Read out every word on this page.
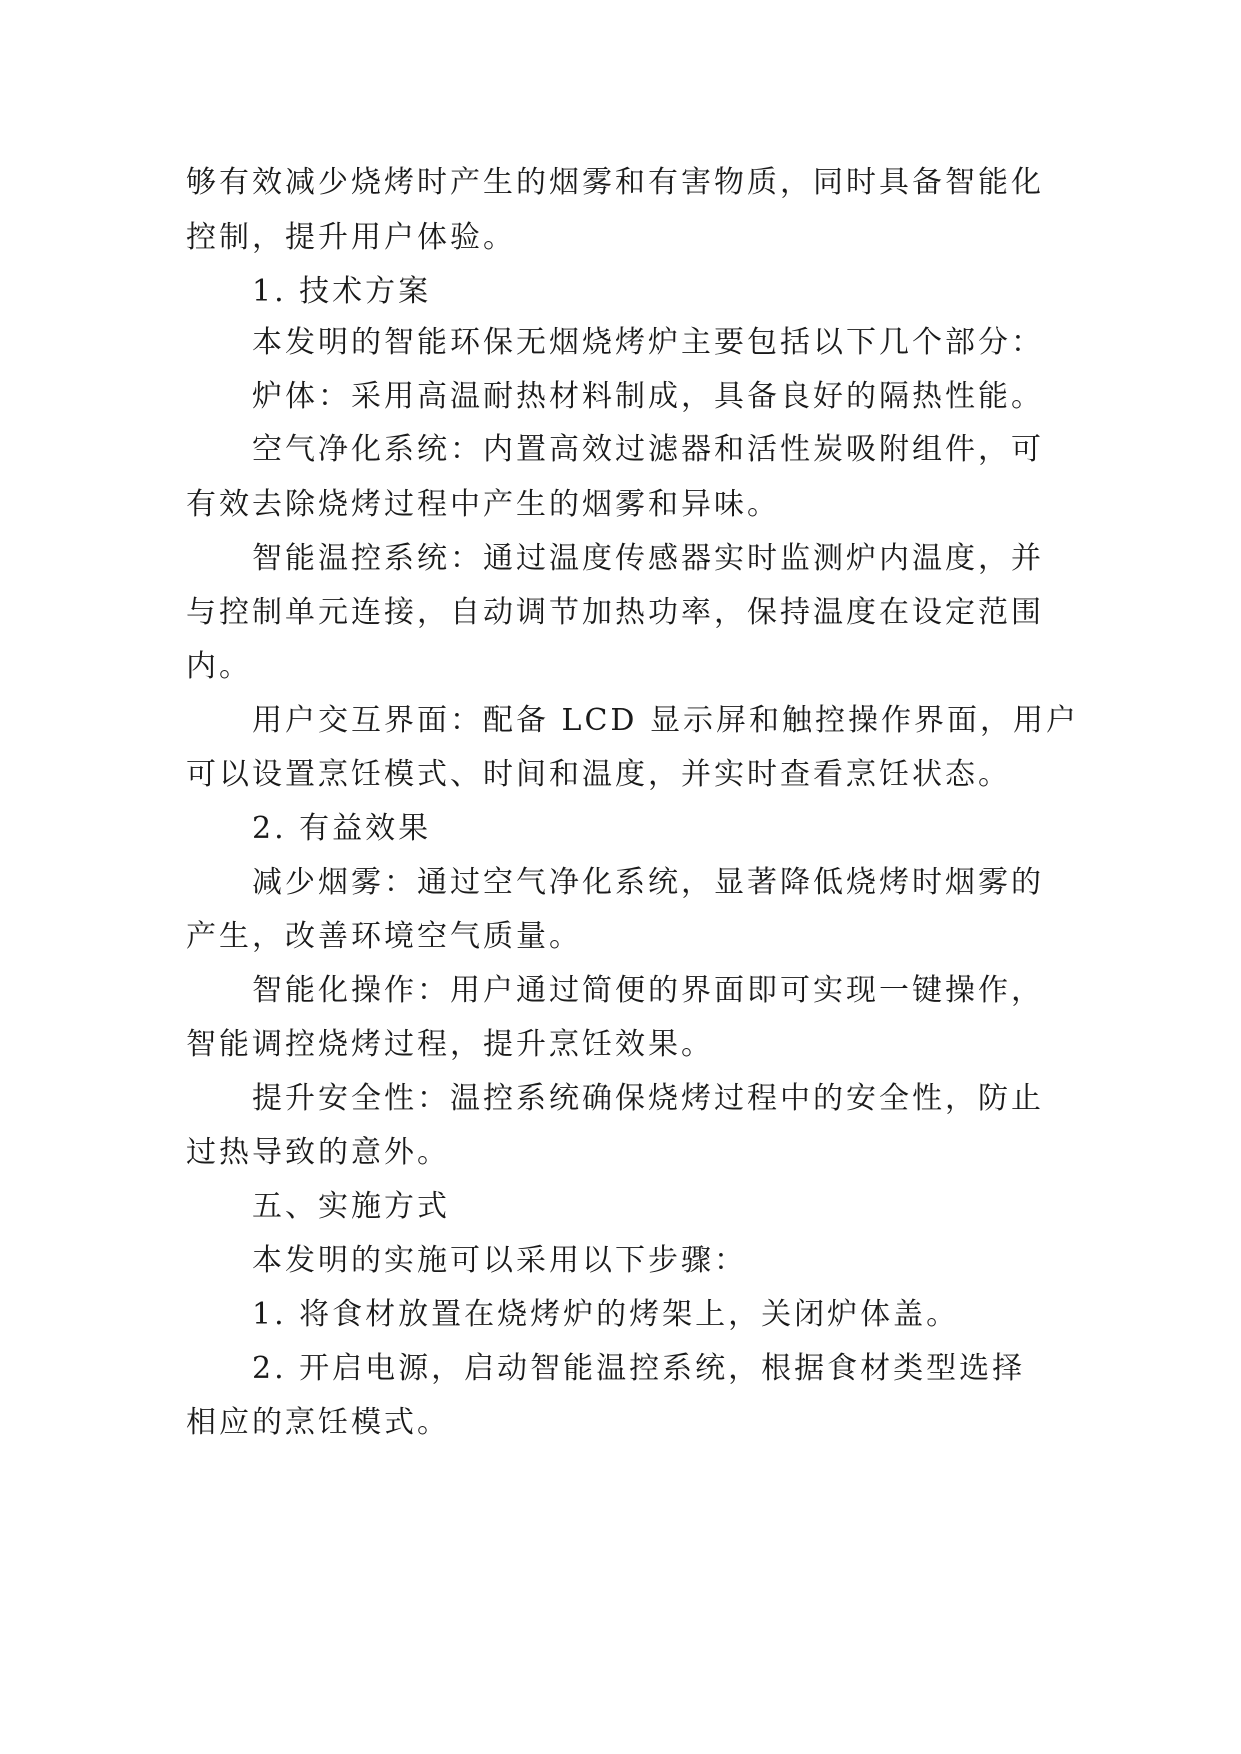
够有效减少烧烤时产生的烟雾和有害物质，同时具备智能化
控制，提升用户体验。
1. 技术方案
本发明的智能环保无烟烧烤炉主要包括以下几个部分：
炉体：采用高温耐热材料制成，具备良好的隔热性能。
空气净化系统：内置高效过滤器和活性炭吸附组件，可
有效去除烧烤过程中产生的烟雾和异味。
智能温控系统：通过温度传感器实时监测炉内温度，并
与控制单元连接，自动调节加热功率，保持温度在设定范围
内。
用户交互界面：配备 LCD 显示屏和触控操作界面，用户
可以设置烹饪模式、时间和温度，并实时查看烹饪状态。
2. 有益效果
减少烟雾：通过空气净化系统，显著降低烧烤时烟雾的
产生，改善环境空气质量。
智能化操作：用户通过简便的界面即可实现一键操作，
智能调控烧烤过程，提升烹饪效果。
提升安全性：温控系统确保烧烤过程中的安全性，防止
过热导致的意外。
五、实施方式
本发明的实施可以采用以下步骤：
1. 将食材放置在烧烤炉的烤架上，关闭炉体盖。
2. 开启电源，启动智能温控系统，根据食材类型选择
相应的烹饪模式。
